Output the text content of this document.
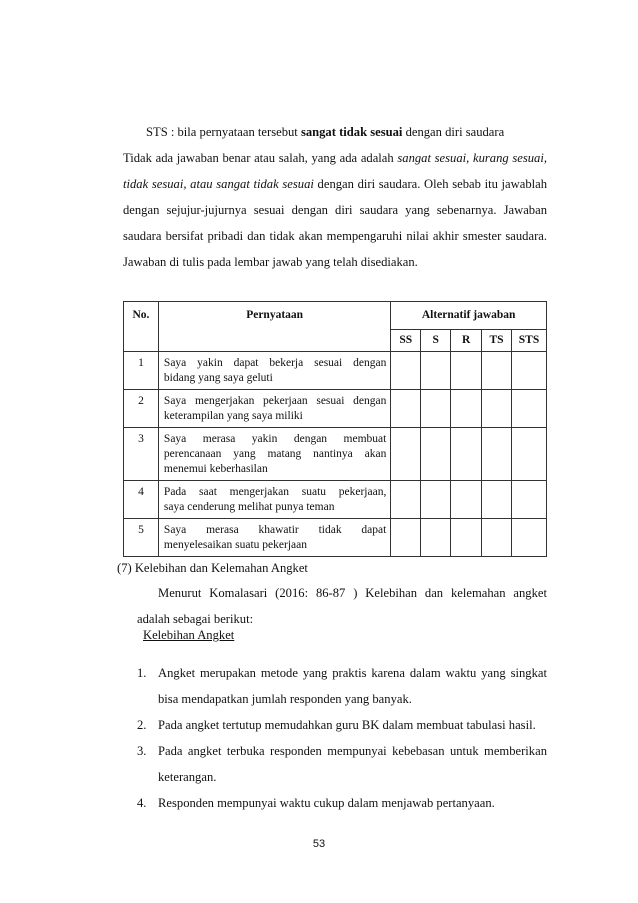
STS : bila pernyataan tersebut sangat tidak sesuai dengan diri saudara
Tidak ada jawaban benar atau salah, yang ada adalah sangat sesuai, kurang sesuai,
tidak sesuai, atau sangat tidak sesuai dengan diri saudara. Oleh sebab itu jawablah
dengan sejujur-jujurnya sesuai dengan diri saudara yang sebenarnya. Jawaban
saudara bersifat pribadi dan tidak akan mempengaruhi nilai akhir smester saudara.
Jawaban di tulis pada lembar jawab yang telah disediakan.
No.	Pernyataan	Alternatif jawaban				
		SS	S	R	TS	STS
1	Saya yakin dapat bekerja sesuai dengan
bidang yang saya geluti					

2	Saya mengerjakan pekerjaan sesuai dengan
keterampilan yang saya miliki					

3	Saya merasa yakin dengan membuat
perencanaan yang matang nantinya akan
menemui keberhasilan					

4	Pada saat mengerjakan suatu pekerjaan,
saya cenderung melihat punya teman					

5	Saya merasa khawatir tidak dapat
menyelesaikan suatu pekerjaan					

(7) Kelebihan dan Kelemahan Angket
Menurut Komalasari (2016: 86-87 ) Kelebihan dan kelemahan angket
adalah sebagai berikut:
Kelebihan Angket
1. Angket merupakan metode yang praktis karena dalam waktu yang singkat
bisa mendapatkan jumlah responden yang banyak.
2. Pada angket tertutup memudahkan guru BK dalam membuat tabulasi hasil.
3. Pada angket terbuka responden mempunyai kebebasan untuk memberikan
keterangan.
4. Responden mempunyai waktu cukup dalam menjawab pertanyaan.
53
